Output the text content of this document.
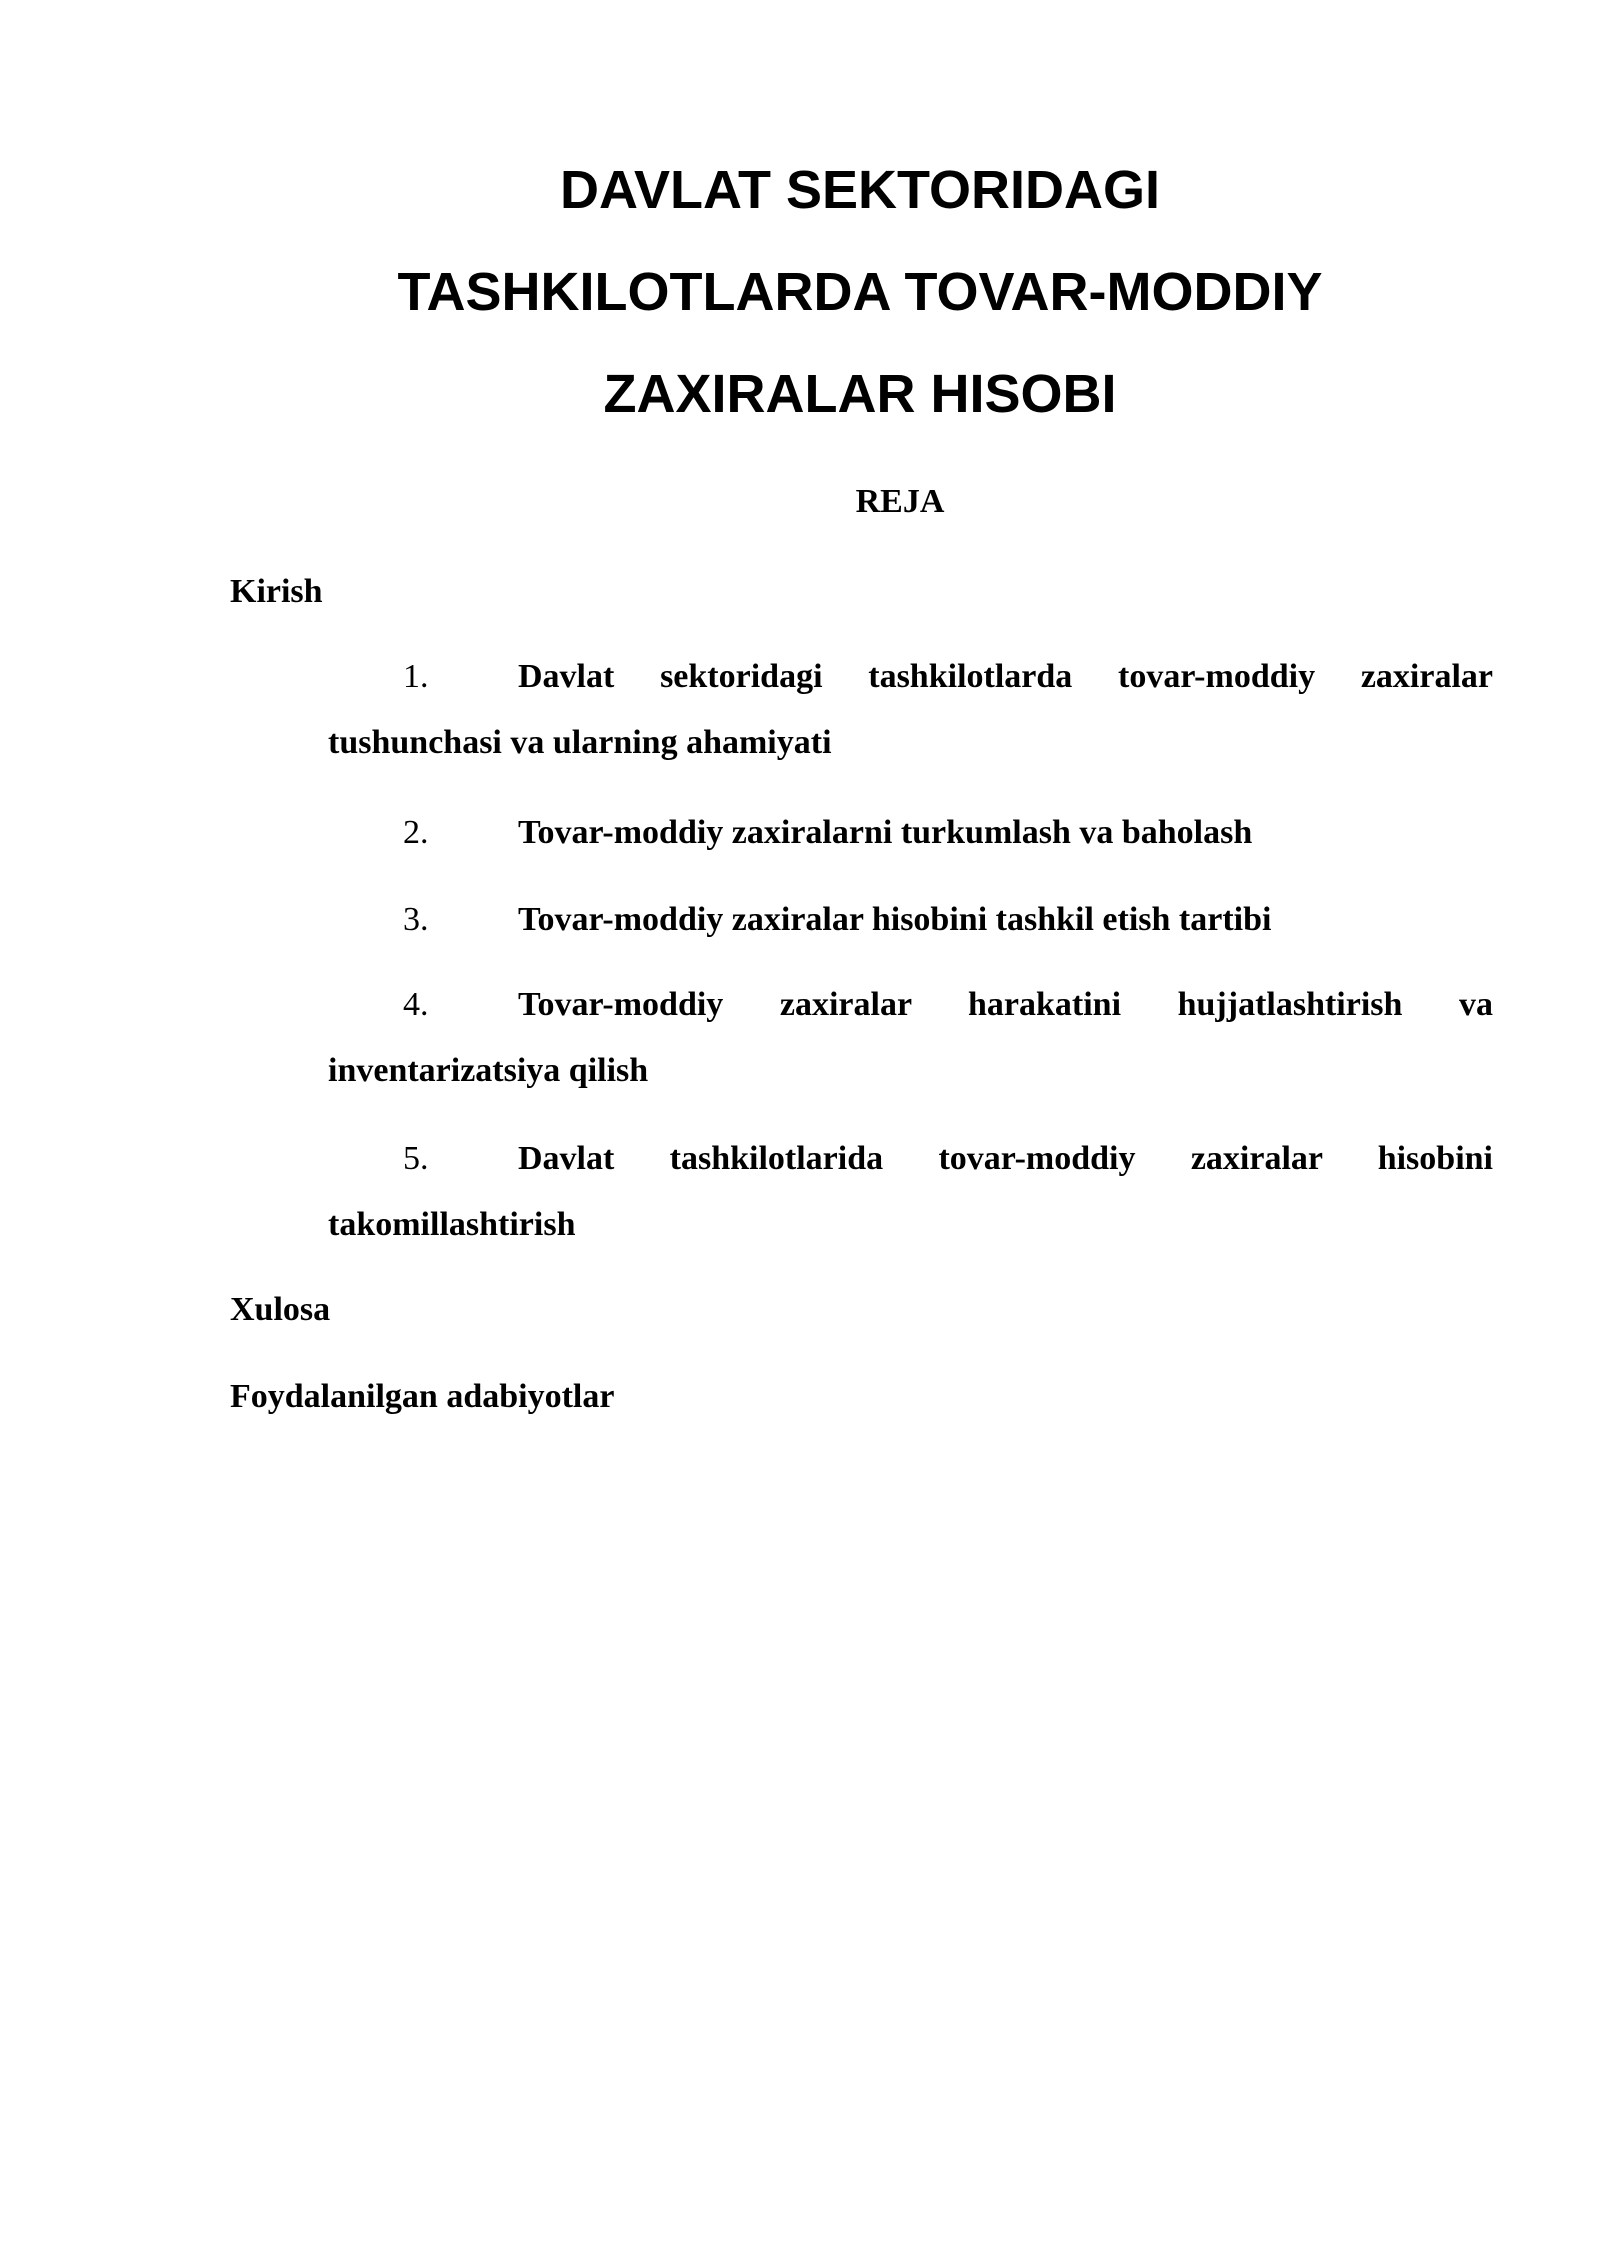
DAVLAT SEKTORIDAGI
TASHKILOTLARDA TOVAR-MODDIY
ZAXIRALAR HISOBI
REJA
Kirish
1.	Davlat sektoridagi tashkilotlarda tovar-moddiy zaxiralar
tushunchasi va ularning ahamiyati
2.	Tovar-moddiy zaxiralarni turkumlash va baholash
3.	Tovar-moddiy zaxiralar hisobini tashkil etish tartibi
4.	Tovar-moddiy zaxiralar harakatini hujjatlashtirish va
inventarizatsiya qilish
5.	Davlat tashkilotlarida tovar-moddiy zaxiralar hisobini
takomillashtirish
Xulosa
Foydalanilgan adabiyotlar
